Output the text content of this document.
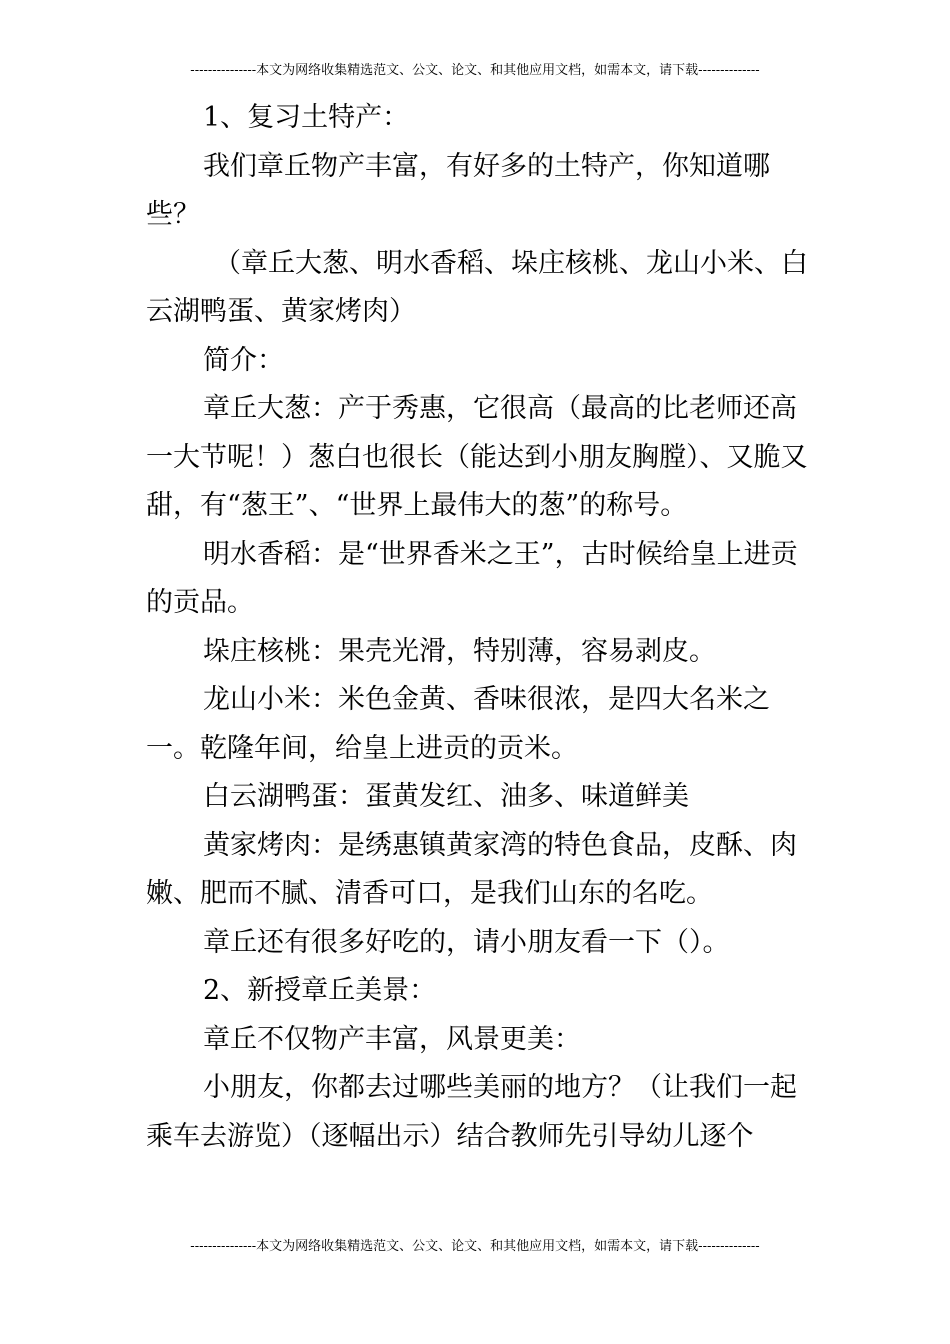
---------------本文为网络收集精选范文、公文、论文、和其他应用文档，如需本文，请下载--------------

1、复习土特产：

我们章丘物产丰富，有好多的土特产，你知道哪些？

（章丘大葱、明水香稻、垛庄核桃、龙山小米、白云湖鸭蛋、黄家烤肉）

简介：

章丘大葱：产于秀惠，它很高（最高的比老师还高一大节呢！）葱白也很长（能达到小朋友胸膛）、又脆又甜，有“葱王”、“世界上最伟大的葱”的称号。

明水香稻：是“世界香米之王”，古时候给皇上进贡的贡品。

垛庄核桃：果壳光滑，特别薄，容易剥皮。

龙山小米：米色金黄、香味很浓，是四大名米之一。乾隆年间，给皇上进贡的贡米。

白云湖鸭蛋：蛋黄发红、油多、味道鲜美

黄家烤肉：是绣惠镇黄家湾的特色食品，皮酥、肉嫩、肥而不腻、清香可口，是我们山东的名吃。

章丘还有很多好吃的，请小朋友看一下（）。

2、新授章丘美景：

章丘不仅物产丰富，风景更美：

小朋友，你都去过哪些美丽的地方？（让我们一起乘车去游览）（逐幅出示）结合教师先引导幼儿逐个

---------------本文为网络收集精选范文、公文、论文、和其他应用文档，如需本文，请下载--------------
